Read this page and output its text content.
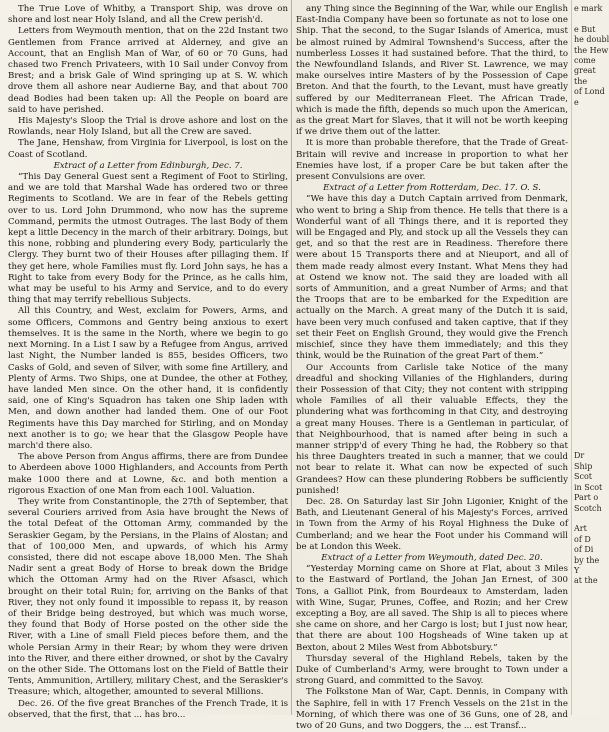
The True Love of Whitby, a Transport Ship, was drove on shore and lost near Holy Island, and all the Crew perish'd.

Letters from Weymouth mention, that on the 22d Instant two Gentlemen from France arrived at Alderney, and give an Account, that an English Man of War, of 60 or 70 Guns, had chased two French Privateers, with 10 Sail under Convoy from Brest; and a brisk Gale of Wind springing up at S. W. which drove them all ashore near Audierne Bay, and that about 700 dead Bodies had been taken up: All the People on board are said to have perished.

His Majesty's Sloop the Trial is drove ashore and lost on the Rowlands, near Holy Island, but all the Crew are saved.

The Jane, Henshaw, from Virginia for Liverpool, is lost on the Coast of Scotland.

Extract of a Letter from Edinburgh, Dec. 7.

“This Day General Guest sent a Regiment of Foot to Stirling, and we are told that Marshal Wade has ordered two or three Regiments to Scotland. We are in fear of the Rebels getting over to us. Lord John Drummond, who now has the supreme Command, permits the utmost Outrages. The last Body of them kept a little Decency in the march of their arbitrary. Doings, but this none, robbing and plundering every Body, particularly the Clergy. They burnt two of their Houses after pillaging them. If they get here, whole Families must fly. Lord John says, he has a Right to take from every Body for the Prince, as he calls him, what may be useful to his Army and Service, and to do every thing that may terrify rebellious Subjects.

All this Country, and West, exclaim for Powers, Arms, and some Officers, Commons and Gentry being anxious to exert themselves. It is the same in the North, where we begin to go next Morning. In a List I saw by a Refugee from Angus, arrived last Night, the Number landed is 855, besides Officers, two Casks of Gold, and seven of Silver, with some fine Artillery, and Plenty of Arms. Two Ships, one at Dundee, the other at Fothey, have landed Men since. On the other hand, it is confidently said, one of King's Squadron has taken one Ship laden with Men, and down another had landed them. One of our Foot Regiments have this Day marched for Stirling, and on Monday next another is to go; we hear that the Glasgow People have march'd there also.

The above Person from Angus affirms, there are from Dundee to Aberdeen above 1000 Highlanders, and Accounts from Perth make 1000 there and at Lowne, &c. and both mention a rigorous Exaction of one Man from each 100l. Valuation.

They write from Constantinople, the 27th of September, that several Couriers arrived from Asia have brought the News of the total Defeat of the Ottoman Army, commanded by the Seraskier Gegam, by the Persians, in the Plains of Alostan; and that of 100,000 Men, and upwards, of which his Army consisted, there did not escape above 18,000 Men. The Shah Nadir sent a great Body of Horse to break down the Bridge which the Ottoman Army had on the River Afsasci, which brought on their total Ruin; for, arriving on the Banks of that River, they not only found it impossible to repass it, by reason of their Bridge being destroyed, but which was much worse, they found that Body of Horse posted on the other side the River, with a Line of small Field pieces before them, and the whole Persian Army in their Rear; by whom they were driven into the River, and there either drowned, or shot by the Cavalry on the other Side. The Ottomans lost on the Field of Battle their Tents, Ammunition, Artillery, military Chest, and the Seraskier's Treasure; which, altogether, amounted to several Millions.

Dec. 26. Of the five great Branches of the French Trade, it is observed, that the first, that ... has bro...

any Thing since the Beginning of the War, while our English East-India Company have been so fortunate as not to lose one Ship. That the second, to the Sugar Islands of America, must be almost ruined by Admiral Townshend's Success, after the numberless Losses it had sustained before. That the third, to the Newfoundland Islands, and River St. Lawrence, we may make ourselves intire Masters of by the Possession of Cape Breton. And that the fourth, to the Levant, must have greatly suffered by our Mediterranean Fleet. The African Trade, which is made the fifth, depends so much upon the American, as the great Mart for Slaves, that it will not be worth keeping if we drive them out of the latter.

It is more than probable therefore, that the Trade of Great-Britain will revive and increase in proportion to what her Enemies have lost, if a proper Care be but taken after the present Convulsions are over.

Extract of a Letter from Rotterdam, Dec. 17. O. S.

“We have this day a Dutch Captain arrived from Denmark, who went to bring a Ship from thence. He tells that there is a Wonderful want of all Things there, and it is reported they will be Engaged and Ply, and stock up all the Vessels they can get, and so that the rest are in Readiness. Therefore there were about 15 Transports there and at Nieuport, and all of them made ready almost every Instant. What Mens they had at Ostend we know not. The said they are loaded with all sorts of Ammunition, and a great Number of Arms; and that the Troops that are to be embarked for the Expedition are actually on the March. A great many of the Dutch it is said, have been very much confused and taken captive, that if they set their Feet on English Ground, they would give the French mischief, since they have them immediately; and this they think, would be the Ruination of the great Part of them.”

Our Accounts from Carlisle take Notice of the many dreadful and shocking Villanies of the Highlanders, during their Possession of that City; they not content with stripping whole Families of all their valuable Effects, they the plundering what was forthcoming in that City, and destroying a great many Houses. There is a Gentleman in particular, of that Neighbourhood, that is named after being in such a manner stripp'd of every Thing he had, the Robbery so that his three Daughters treated in such a manner, that we could not bear to relate it. What can now be expected of such Grandees? How can these plundering Robbers be sufficiently punished!

Dec. 28. On Saturday last Sir John Ligonier, Knight of the Bath, and Lieutenant General of his Majesty's Forces, arrived in Town from the Army of his Royal Highness the Duke of Cumberland; and we hear the Foot under his Command will be at London this Week.

Extract of a Letter from Weymouth, dated Dec. 20.

“Yesterday Morning came on Shore at Flat, about 3 Miles to the Eastward of Portland, the Johan Jan Ernest, of 300 Tons, a Galliot Pink, from Bourdeaux to Amsterdam, laden with Wine, Sugar, Prunes, Coffee, and Rozin; and her Crew excepting a Boy, are all saved. The Ship is all to pieces where she came on shore, and her Cargo is lost; but I just now hear, that there are about 100 Hogsheads of Wine taken up at Bexton, about 2 Miles West from Abbotsbury.”

Thursday several of the Highland Rebels, taken by the Duke of Cumberland's Army, were brought to Town under a strong Guard, and committed to the Savoy.

The Folkstone Man of War, Capt. Dennis, in Company with the Saphire, fell in with 17 French Vessels on the 21st in the Morning, of which there was one of 36 Guns, one of 28, and two of 20 Guns, and two Doggers, the ... est Transf...

e mark

e But

he doubl

the Hew

come

great

the

of Lond

e

Dr

Ship

Scot

in Scot

Part o

Scotch

Art

of D

of Di

by the

Y

at the
